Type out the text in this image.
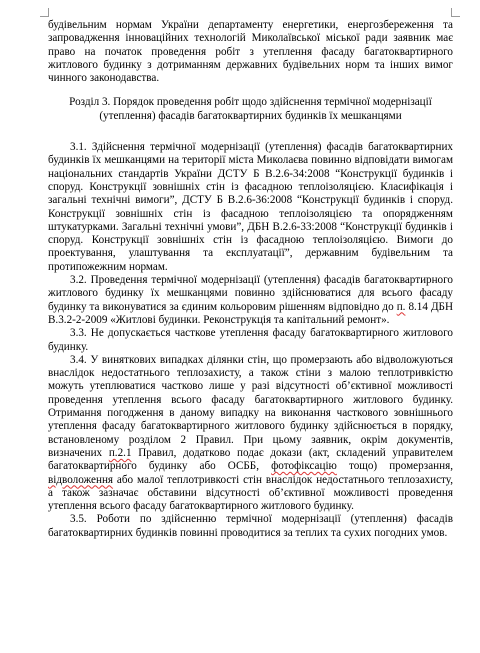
будівельним нормам України департаменту енергетики, енергозбереження та запровадження інноваційних технологій Миколаївської міської ради заявник має право на початок проведення робіт з утеплення фасаду багатоквартирного житлового будинку з дотриманням державних будівельних норм та інших вимог чинного законодавства.

Розділ 3. Порядок проведення робіт щодо здійснення термічної модернізації (утеплення) фасадів багатоквартирних будинків їх мешканцями

3.1. Здійснення термічної модернізації (утеплення) фасадів багатоквартирних будинків їх мешканцями на території міста Миколаєва повинно відповідати вимогам національних стандартів України ДСТУ Б В.2.6-34:2008 “Конструкції будинків і споруд. Конструкції зовнішніх стін із фасадною теплоізоляцією. Класифікація і загальні технічні вимоги”, ДСТУ Б В.2.6-36:2008 “Конструкції будинків і споруд. Конструкції зовнішніх стін із фасадною теплоізоляцією та опорядженням штукатурками. Загальні технічні умови”, ДБН В.2.6-33:2008 “Конструкції будинків і споруд. Конструкції зовнішніх стін із фасадною теплоізоляцією. Вимоги до проектування, улаштування та експлуатації”, державним будівельним та протипожежним нормам.

3.2. Проведення термічної модернізації (утеплення) фасадів багатоквартирного житлового будинку їх мешканцями повинно здійснюватися для всього фасаду будинку та виконуватися за єдиним кольоровим рішенням відповідно до п. 8.14 ДБН В.3.2-2-2009 «Житлові будинки. Реконструкція та капітальний ремонт».

3.3. Не допускається часткове утеплення фасаду багатоквартирного житлового будинку.

3.4. У виняткових випадках ділянки стін, що промерзають або відволожуються внаслідок недостатнього теплозахисту, а також стіни з малою теплотривкістю можуть утеплюватися частково лише у разі відсутності об’єктивної можливості проведення утеплення всього фасаду багатоквартирного житлового будинку. Отримання погодження в даному випадку на виконання часткового зовнішнього утеплення фасаду багатоквартирного житлового будинку здійснюється в порядку, встановленому розділом 2 Правил. При цьому заявник, окрім документів, визначених п.2.1 Правил, додатково подає докази (акт, складений управителем багатоквартирного будинку або ОСББ, фотофіксацію тощо) промерзання, відволоження або малої теплотривкості стін внаслідок недостатнього теплозахисту, а також зазначає обставини відсутності об’єктивної можливості проведення утеплення всього фасаду багатоквартирного житлового будинку.

3.5. Роботи по здійсненню термічної модернізації (утеплення) фасадів багатоквартирних будинків повинні проводитися за теплих та сухих погодних умов.
